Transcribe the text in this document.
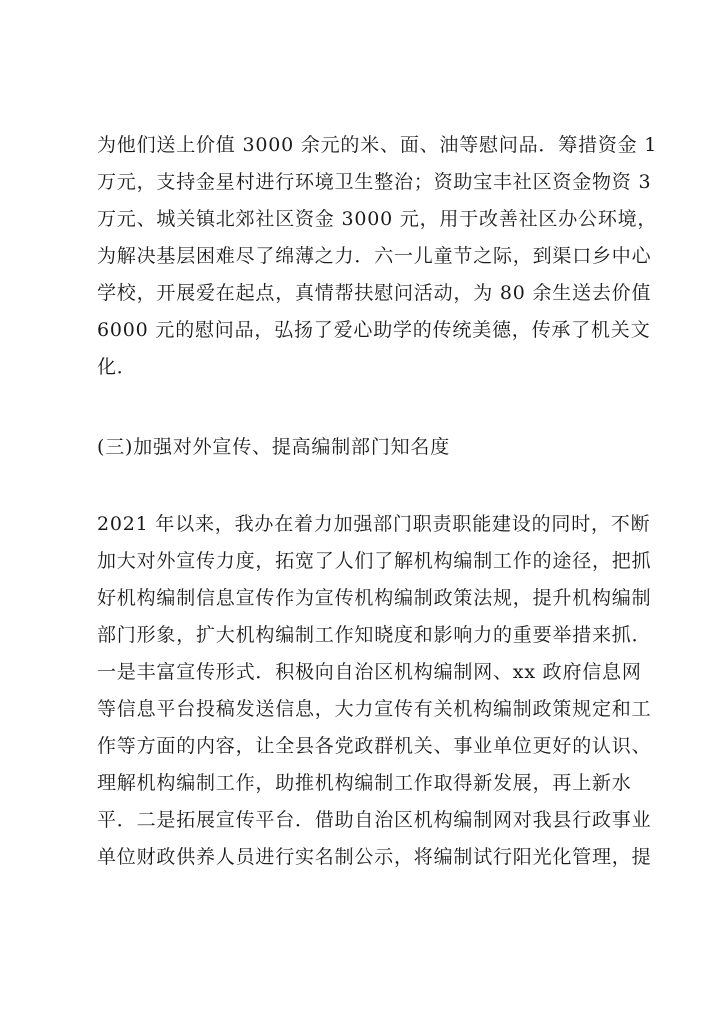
为他们送上价值 3000 余元的米、面、油等慰问品．筹措资金 1
万元，支持金星村进行环境卫生整治；资助宝丰社区资金物资 3
万元、城关镇北郊社区资金 3000 元，用于改善社区办公环境，
为解决基层困难尽了绵薄之力．六一儿童节之际，到渠口乡中心
学校，开展爱在起点，真情帮扶慰问活动，为 80 余生送去价值
6000 元的慰问品，弘扬了爱心助学的传统美德，传承了机关文
化．
(三)加强对外宣传、提高编制部门知名度
2021 年以来，我办在着力加强部门职责职能建设的同时，不断
加大对外宣传力度，拓宽了人们了解机构编制工作的途径，把抓
好机构编制信息宣传作为宣传机构编制政策法规，提升机构编制
部门形象，扩大机构编制工作知晓度和影响力的重要举措来抓．
一是丰富宣传形式．积极向自治区机构编制网、xx 政府信息网
等信息平台投稿发送信息，大力宣传有关机构编制政策规定和工
作等方面的内容，让全县各党政群机关、事业单位更好的认识、
理解机构编制工作，助推机构编制工作取得新发展，再上新水
平．二是拓展宣传平台．借助自治区机构编制网对我县行政事业
单位财政供养人员进行实名制公示，将编制试行阳光化管理，提
